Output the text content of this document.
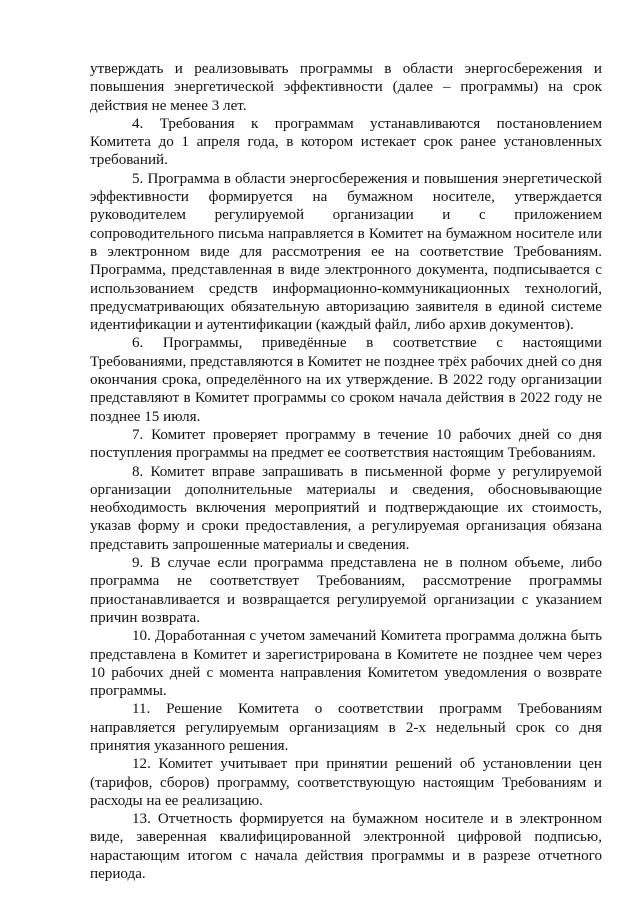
утверждать и реализовывать программы в области энергосбережения и повышения энергетической эффективности (далее – программы) на срок действия не менее 3 лет.

4. Требования к программам устанавливаются постановлением Комитета до 1 апреля года, в котором истекает срок ранее установленных требований.

5. Программа в области энергосбережения и повышения энергетической эффективности формируется на бумажном носителе, утверждается руководителем регулируемой организации и с приложением сопроводительного письма направляется в Комитет на бумажном носителе или в электронном виде для рассмотрения ее на соответствие Требованиям. Программа, представленная в виде электронного документа, подписывается с использованием средств информационно-коммуникационных технологий, предусматривающих обязательную авторизацию заявителя в единой системе идентификации и аутентификации (каждый файл, либо архив документов).

6. Программы, приведённые в соответствие с настоящими Требованиями, представляются в Комитет не позднее трёх рабочих дней со дня окончания срока, определённого на их утверждение. В 2022 году организации представляют в Комитет программы со сроком начала действия в 2022 году не позднее 15 июля.

7. Комитет проверяет программу в течение 10 рабочих дней со дня поступления программы на предмет ее соответствия настоящим Требованиям.

8. Комитет вправе запрашивать в письменной форме у регулируемой организации дополнительные материалы и сведения, обосновывающие необходимость включения мероприятий и подтверждающие их стоимость, указав форму и сроки предоставления, а регулируемая организация обязана представить запрошенные материалы и сведения.

9. В случае если программа представлена не в полном объеме, либо программа не соответствует Требованиям, рассмотрение программы приостанавливается и возвращается регулируемой организации с указанием причин возврата.

10. Доработанная с учетом замечаний Комитета программа должна быть представлена в Комитет и зарегистрирована в Комитете не позднее чем через 10 рабочих дней с момента направления Комитетом уведомления о возврате программы.

11. Решение Комитета о соответствии программ Требованиям направляется регулируемым организациям в 2-х недельный срок со дня принятия указанного решения.

12. Комитет учитывает при принятии решений об установлении цен (тарифов, сборов) программу, соответствующую настоящим Требованиям и расходы на ее реализацию.

13. Отчетность формируется на бумажном носителе и в электронном виде, заверенная квалифицированной электронной цифровой подписью, нарастающим итогом с начала действия программы и в разрезе отчетного периода.
